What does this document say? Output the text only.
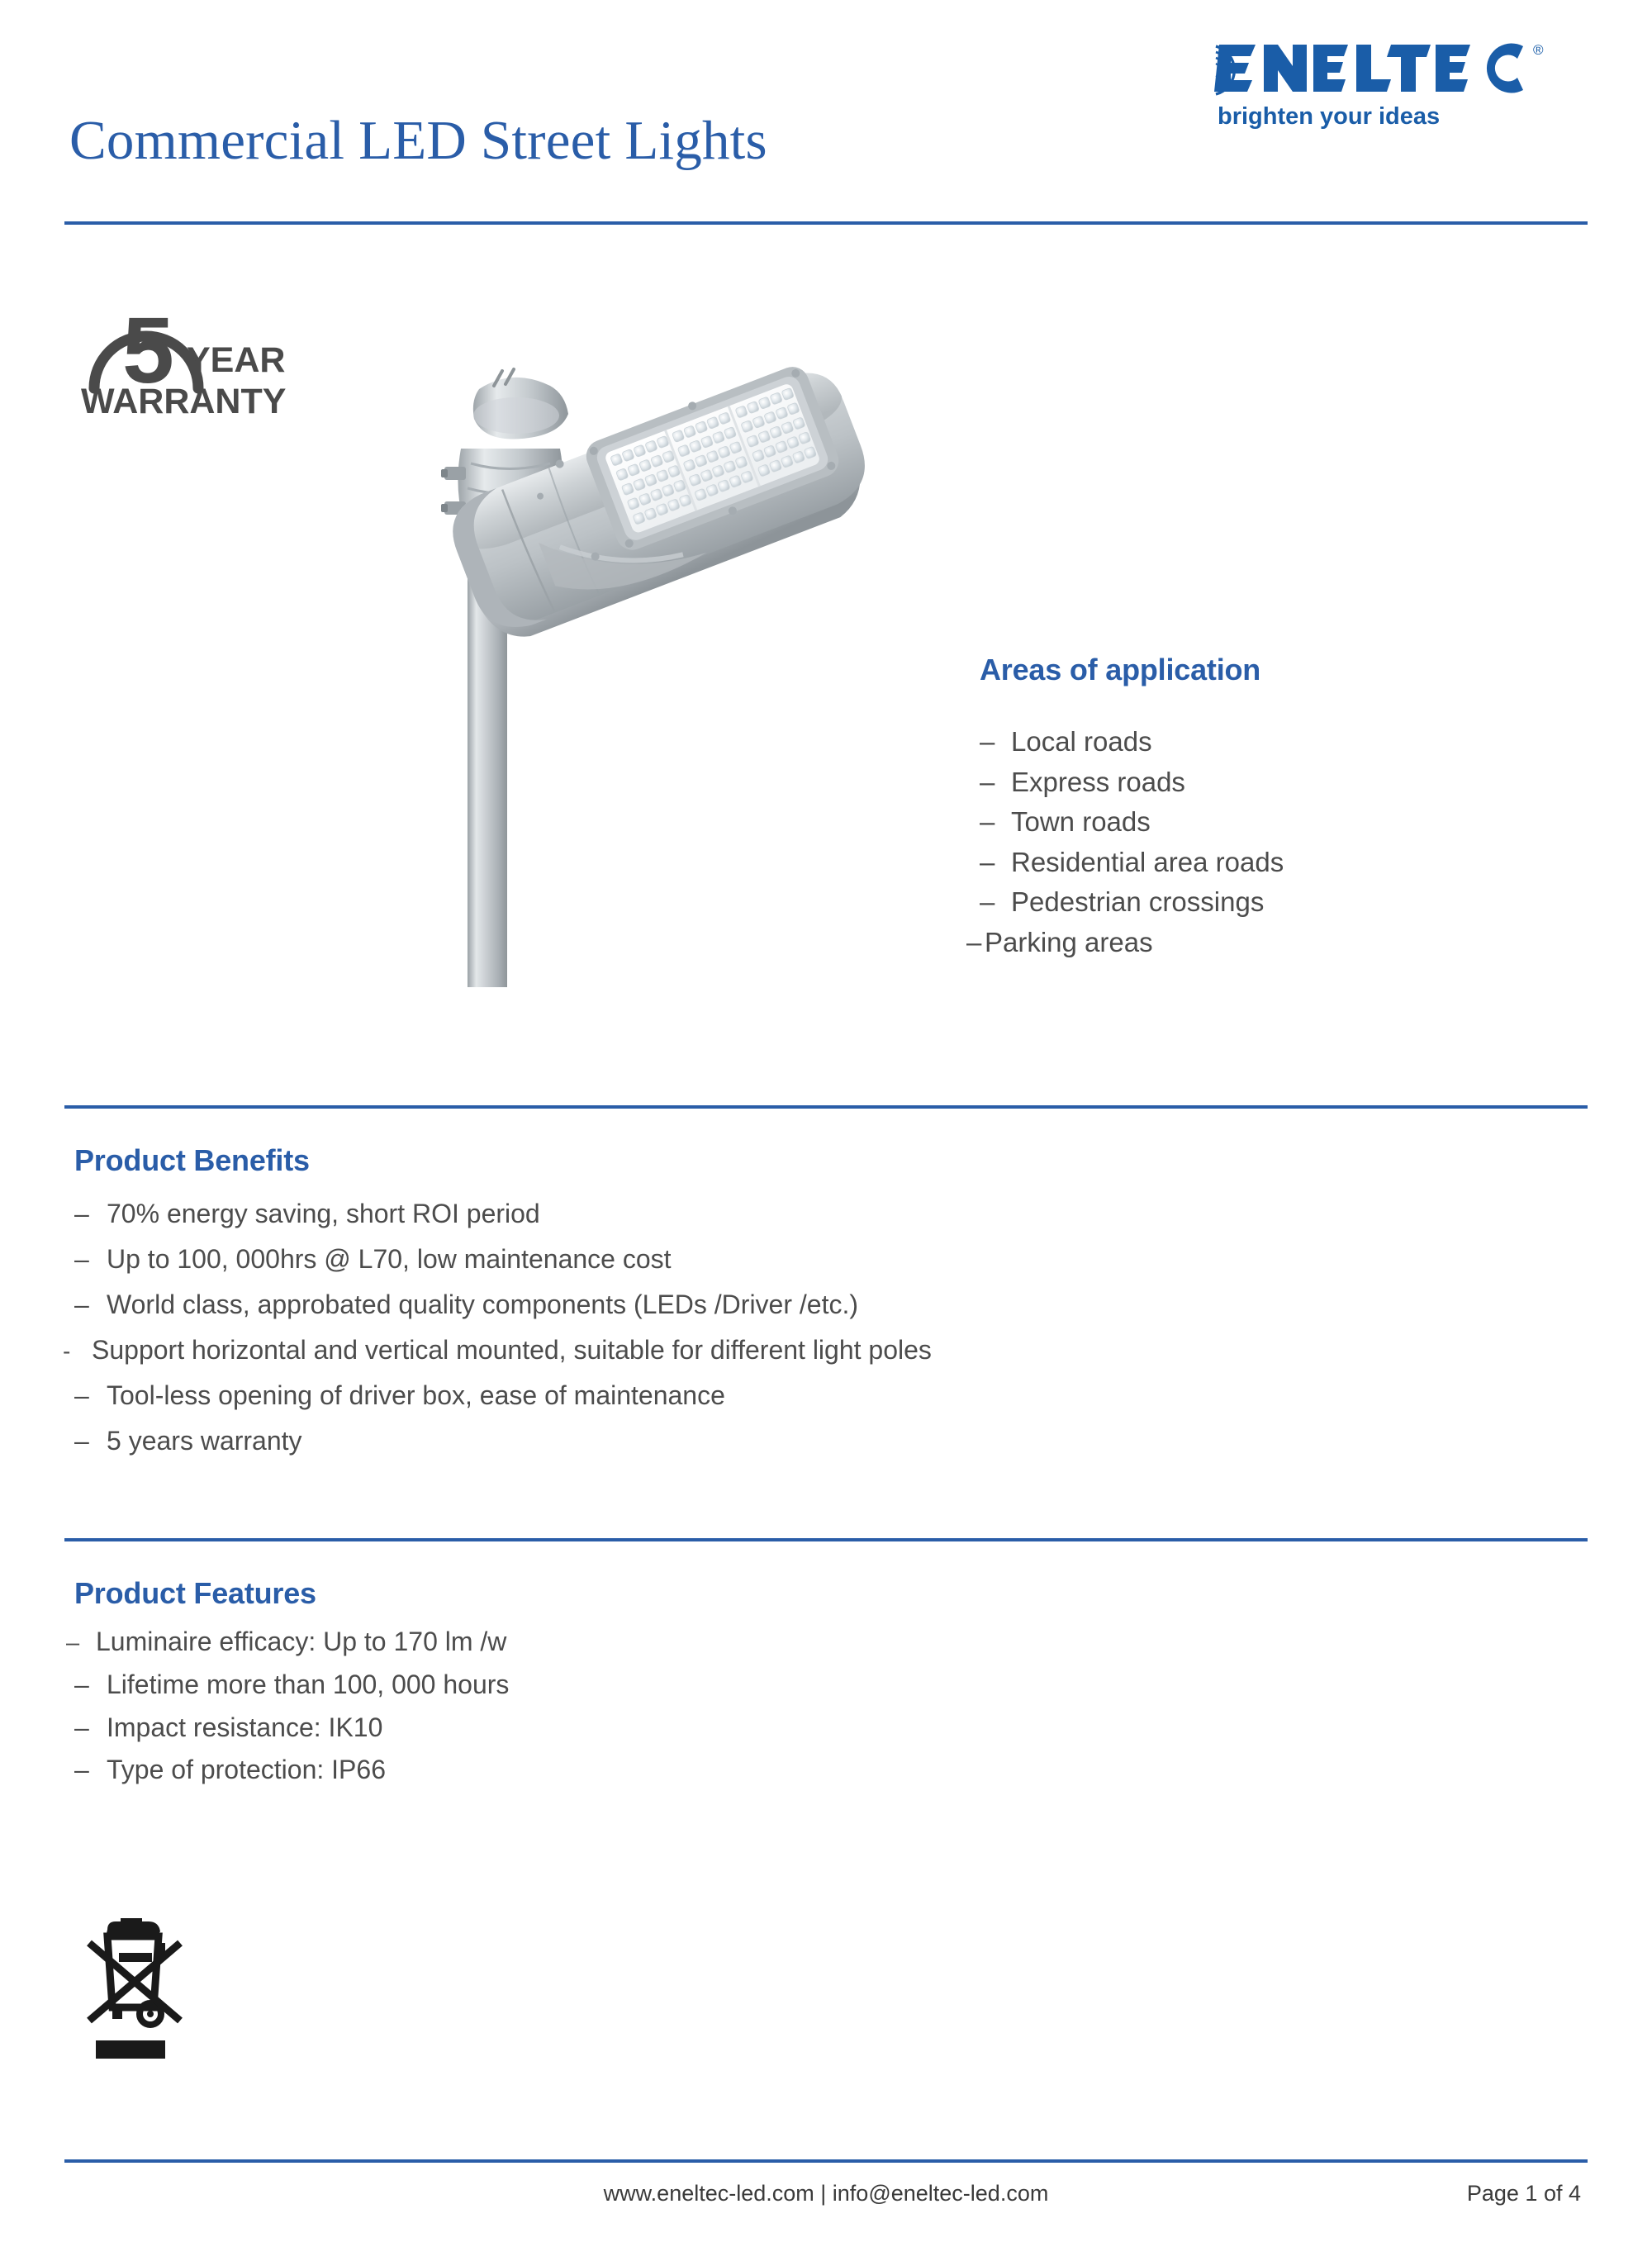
Commercial LED Street Lights
®
brighten your ideas
5 YEAR
WARRANTY
Areas of application
– Local roads
– Express roads
– Town roads
– Residential area roads
– Pedestrian crossings
– Parking areas
Product Benefits
– 70% energy saving, short ROI period
– Up to 100, 000hrs @ L70, low maintenance cost
– World class, approbated quality components (LEDs /Driver /etc.)
- Support horizontal and vertical mounted, suitable for different light poles
– Tool-less opening of driver box, ease of maintenance
– 5 years warranty
Product Features
– Luminaire efficacy: Up to 170 lm /w
– Lifetime more than 100, 000 hours
– Impact resistance: IK10
– Type of protection: IP66
www.eneltec-led.com | info@eneltec-led.com	Page 1 of 4
